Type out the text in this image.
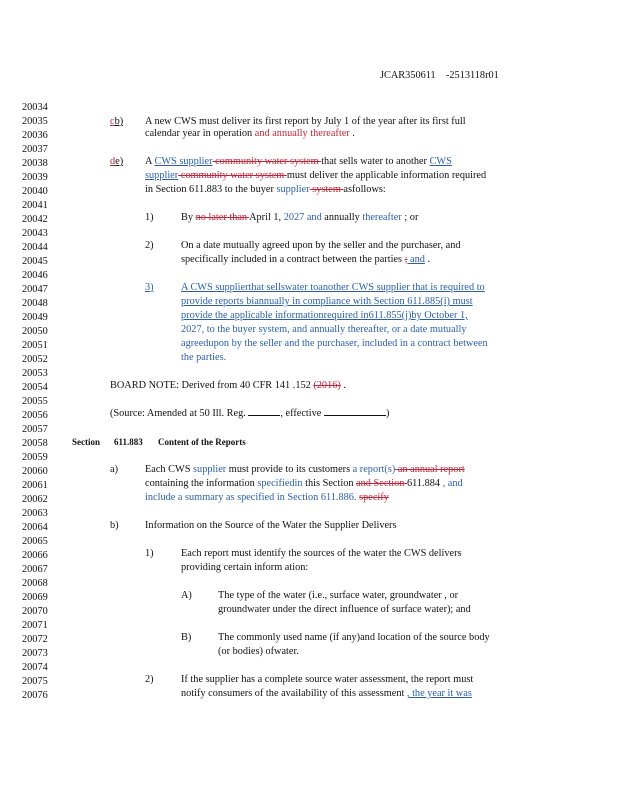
JCAR350611    -2513118r01
20034
20035
20036
20037
20038
20039
20040
20041
20042
20043
20044
20045
20046
20047
20048
20049
20050
20051
20052
20053
20054
20055
20056
20057
20058
20059
20060
20061
20062
20063
20064
20065
20066
20067
20068
20069
20070
20071
20072
20073
20074
20075
20076
cb) A new CWS must deliver its first report by July 1 of the year after its first full
calendar year in operation and annually thereafter .
de) A CWS supplier community water system that sells water to another CWS
supplier community water system must deliver the applicable information required
in Section 611.883 to the buyer supplier system asfollows:
1)	By no later than April 1, 2027 and annually thereafter ; or
2)	On a date mutually agreed upon by the seller and the purchaser, and
specifically included in a contract between the parties ; and .
3)	A CWS supplierthat sellswater toanother CWS supplier that is required to
provide reports biannually in compliance with Section 611.885(i) must
provide the applicable informationrequired in611.855(j)by October 1,
2027, to the buyer system, and annually thereafter, or a date mutually
agreedupon by the seller and the purchaser, included in a contract between
the parties.
BOARD NOTE: Derived from 40 CFR 141 .152 (2016) .
(Source: Amended at 50 Ill. Reg.	, effective	)
Section 611.883 Content of the Reports
a)	Each CWS supplier must provide to its customers a report(s) an annual report
containing the information specifiedin this Section and Section 611.884 , and
include a summary as specified in Section 611.886. specify
b)	Information on the Source of the Water the Supplier Delivers
1)	Each report must identify the sources of the water the CWS delivers
providing certain inform ation:
A)	The type of the water (i.e., surface water, groundwater , or
groundwater under the direct influence of surface water); and
B)	The commonly used name (if any)and location of the source body
(or bodies) ofwater.
2)	If the supplier has a complete source water assessment, the report must
notify consumers of the availability of this assessment , the year it was
